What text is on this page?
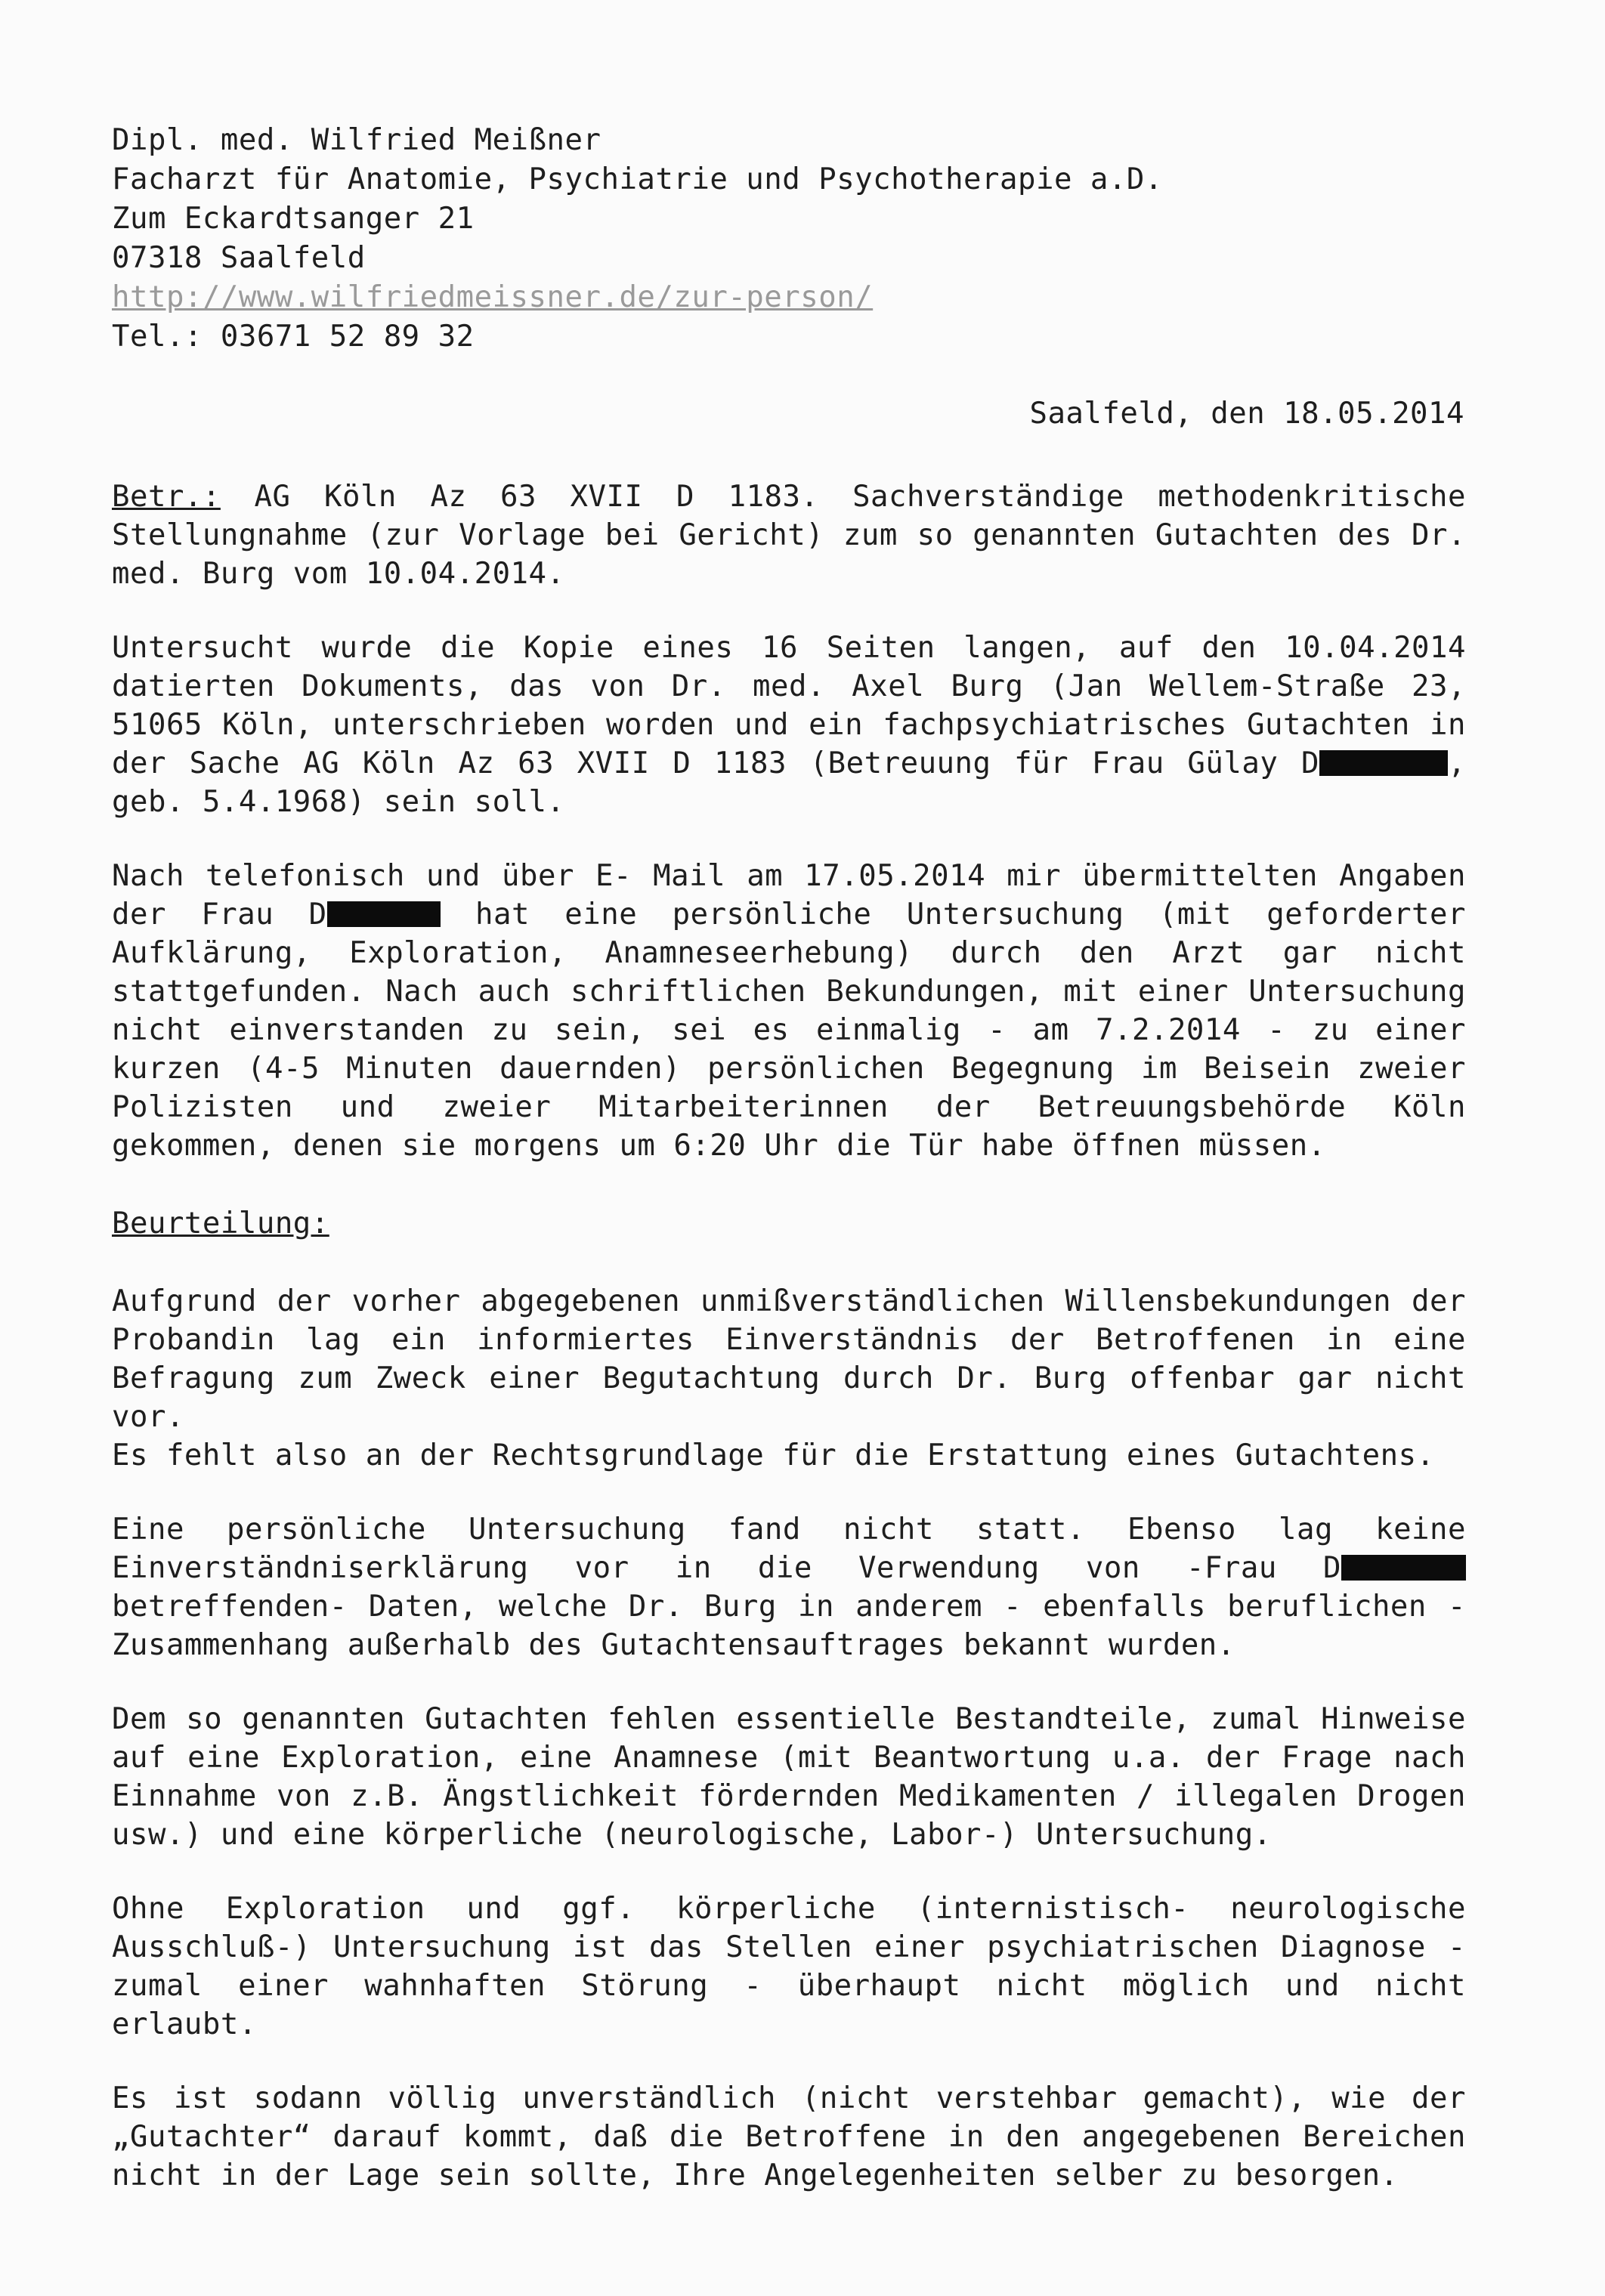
Dipl. med. Wilfried Meißner
Facharzt für Anatomie, Psychiatrie und Psychotherapie a.D.
Zum Eckardtsanger 21
07318 Saalfeld
http://www.wilfriedmeissner.de/zur-person/
Tel.: 03671 52 89 32
Saalfeld, den 18.05.2014

Betr.: AG Köln Az 63 XVII D 1183. Sachverständige methodenkritische Stellungnahme (zur Vorlage bei Gericht) zum so genannten Gutachten des Dr. med. Burg vom 10.04.2014.

Untersucht wurde die Kopie eines 16 Seiten langen, auf den 10.04.2014 datierten Dokuments, das von Dr. med. Axel Burg (Jan Wellem-Straße 23, 51065 Köln, unterschrieben worden und ein fachpsychiatrisches Gutachten in der Sache AG Köln Az 63 XVII D 1183 (Betreuung für Frau Gülay D	, geb. 5.4.1968) sein soll.

Nach telefonisch und über E- Mail am 17.05.2014 mir übermittelten Angaben der Frau D	hat eine persönliche Untersuchung (mit geforderter Aufklärung, Exploration, Anamneseerhebung) durch den Arzt gar nicht stattgefunden. Nach auch schriftlichen Bekundungen, mit einer Untersuchung nicht einverstanden zu sein, sei es einmalig - am 7.2.2014 - zu einer kurzen (4-5 Minuten dauernden) persönlichen Begegnung im Beisein zweier Polizisten und zweier Mitarbeiterinnen der Betreuungsbehörde Köln gekommen, denen sie morgens um 6:20 Uhr die Tür habe öffnen müssen.

Beurteilung:

Aufgrund der vorher abgegebenen unmißverständlichen Willensbekundungen der Probandin lag ein informiertes Einverständnis der Betroffenen in eine Befragung zum Zweck einer Begutachtung durch Dr. Burg offenbar gar nicht vor.

Es fehlt also an der Rechtsgrundlage für die Erstattung eines Gutachtens.

Eine persönliche Untersuchung fand nicht statt. Ebenso lag keine Einverständniserklärung vor in die Verwendung von -Frau D betreffenden- Daten, welche Dr. Burg in anderem - ebenfalls beruflichen - Zusammenhang außerhalb des Gutachtensauftrages bekannt wurden.

Dem so genannten Gutachten fehlen essentielle Bestandteile, zumal Hinweise auf eine Exploration, eine Anamnese (mit Beantwortung u.a. der Frage nach Einnahme von z.B. Ängstlichkeit fördernden Medikamenten / illegalen Drogen usw.) und eine körperliche (neurologische, Labor-) Untersuchung.

Ohne Exploration und ggf. körperliche (internistisch- neurologische Ausschluß-) Untersuchung ist das Stellen einer psychiatrischen Diagnose - zumal einer wahnhaften Störung - überhaupt nicht möglich und nicht erlaubt.

Es ist sodann völlig unverständlich (nicht verstehbar gemacht), wie der „Gutachter“ darauf kommt, daß die Betroffene in den angegebenen Bereichen nicht in der Lage sein sollte, Ihre Angelegenheiten selber zu besorgen.
